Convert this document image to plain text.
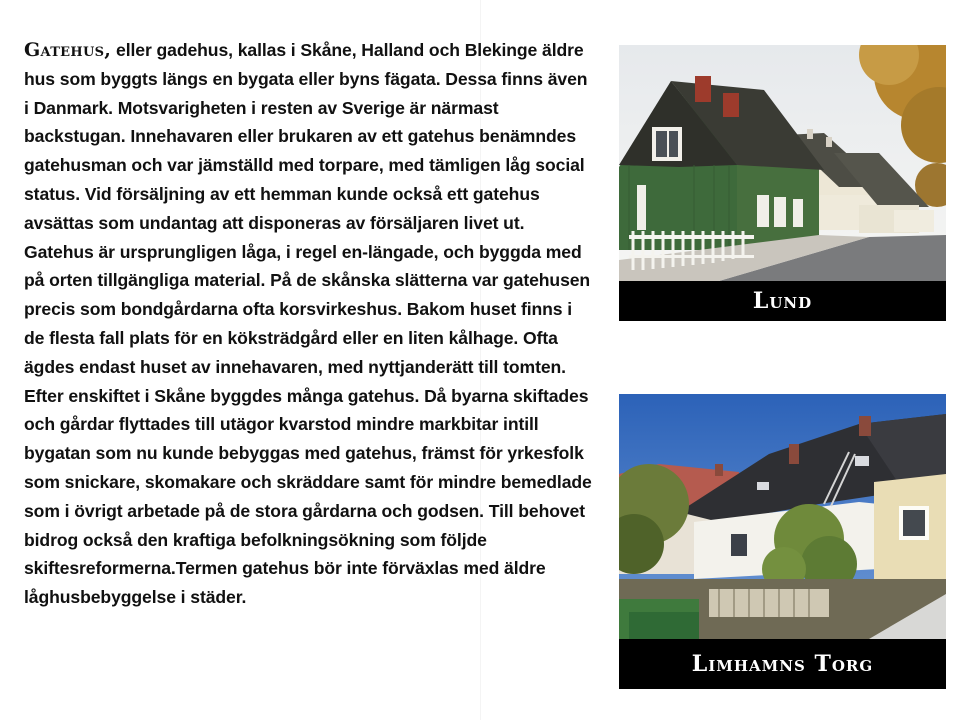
Gatehus, eller gadehus, kallas i Skåne, Halland och Blekinge äldre hus som byggts längs en bygata eller byns fägata. Dessa finns även i Danmark. Motsvarigheten i resten av Sverige är närmast backstugan. Innehavaren eller brukaren av ett gatehus benämndes gatehusman och var jämställd med torpare, med tämligen låg social status. Vid försäljning av ett hemman kunde också ett gatehus avsättas som undantag att disponeras av försäljaren livet ut.

Gatehus är ursprungligen låga, i regel en-längade, och byggda med på orten tillgängliga material. På de skånska slätterna var gatehusen precis som bondgårdarna ofta korsvirkeshus. Bakom huset finns i de flesta fall plats för en köksträdgård eller en liten kålhage. Ofta ägdes endast huset av innehavaren, med nyttjanderätt till tomten.

Efter enskiftet i Skåne byggdes många gatehus. Då byarna skiftades och gårdar flyttades till utägor kvarstod mindre markbitar intill bygatan som nu kunde bebyggas med gatehus, främst för yrkesfolk som snickare, skomakare och skräddare samt för mindre bemedlade som i övrigt arbetade på de stora gårdarna och godsen. Till behovet bidrog också den kraftiga befolkningsökning som följde skiftesreformerna.Termen gatehus bör inte förväxlas med äldre låghusbebyggelse i städer.

Lund
Limhamns Torg
